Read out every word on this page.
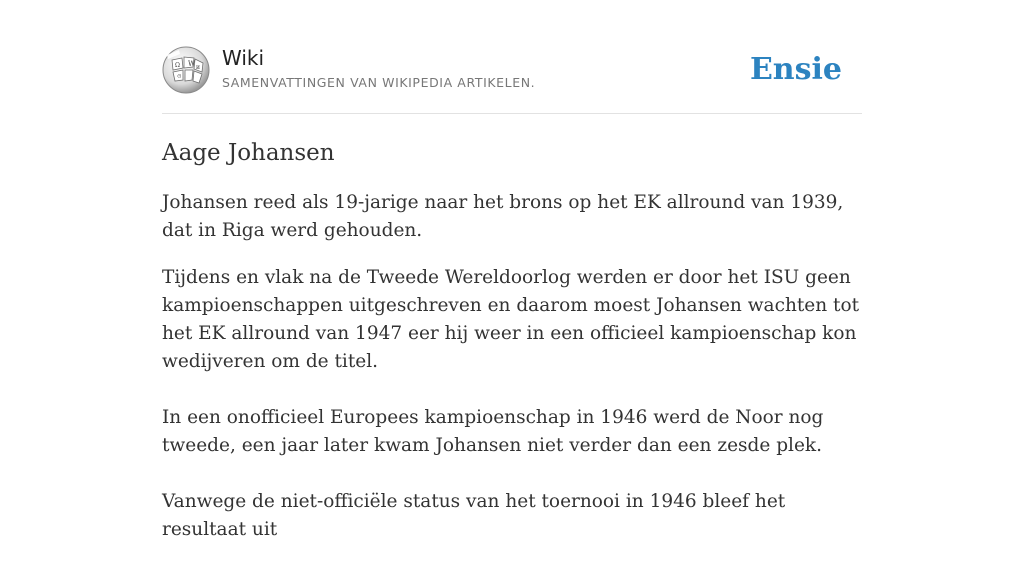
W
Ω	и
ও
Wiki
SAMENVATTINGEN VAN WIKIPEDIA ARTIKELEN.	Ensie
Aage Johansen

Johansen reed als 19-jarige naar het brons op het EK allround van 1939, dat in Riga werd gehouden.

Tijdens en vlak na de Tweede Wereldoorlog werden er door het ISU geen kampioenschappen uitgeschreven en daarom moest Johansen wachten tot het EK allround van 1947 eer hij weer in een officieel kampioenschap kon wedijveren om de titel.

In een onofficieel Europees kampioenschap in 1946 werd de Noor nog tweede, een jaar later kwam Johansen niet verder dan een zesde plek.

Vanwege de niet-officiële status van het toernooi in 1946 bleef het resultaat uit
